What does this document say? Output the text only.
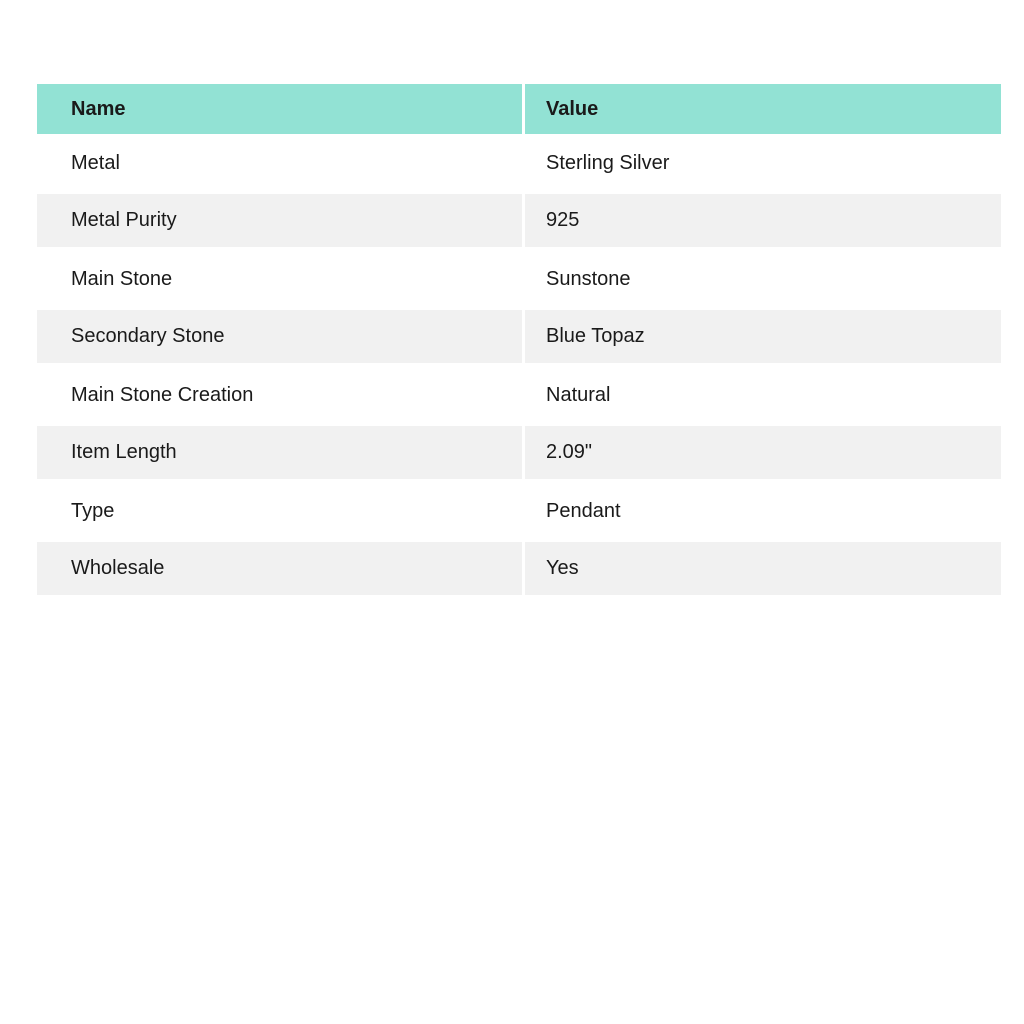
Name	Value
Metal	Sterling Silver
Metal Purity	925
Main Stone	Sunstone
Secondary Stone	Blue Topaz
Main Stone Creation	Natural
Item Length	2.09"
Type	Pendant
Wholesale	Yes
